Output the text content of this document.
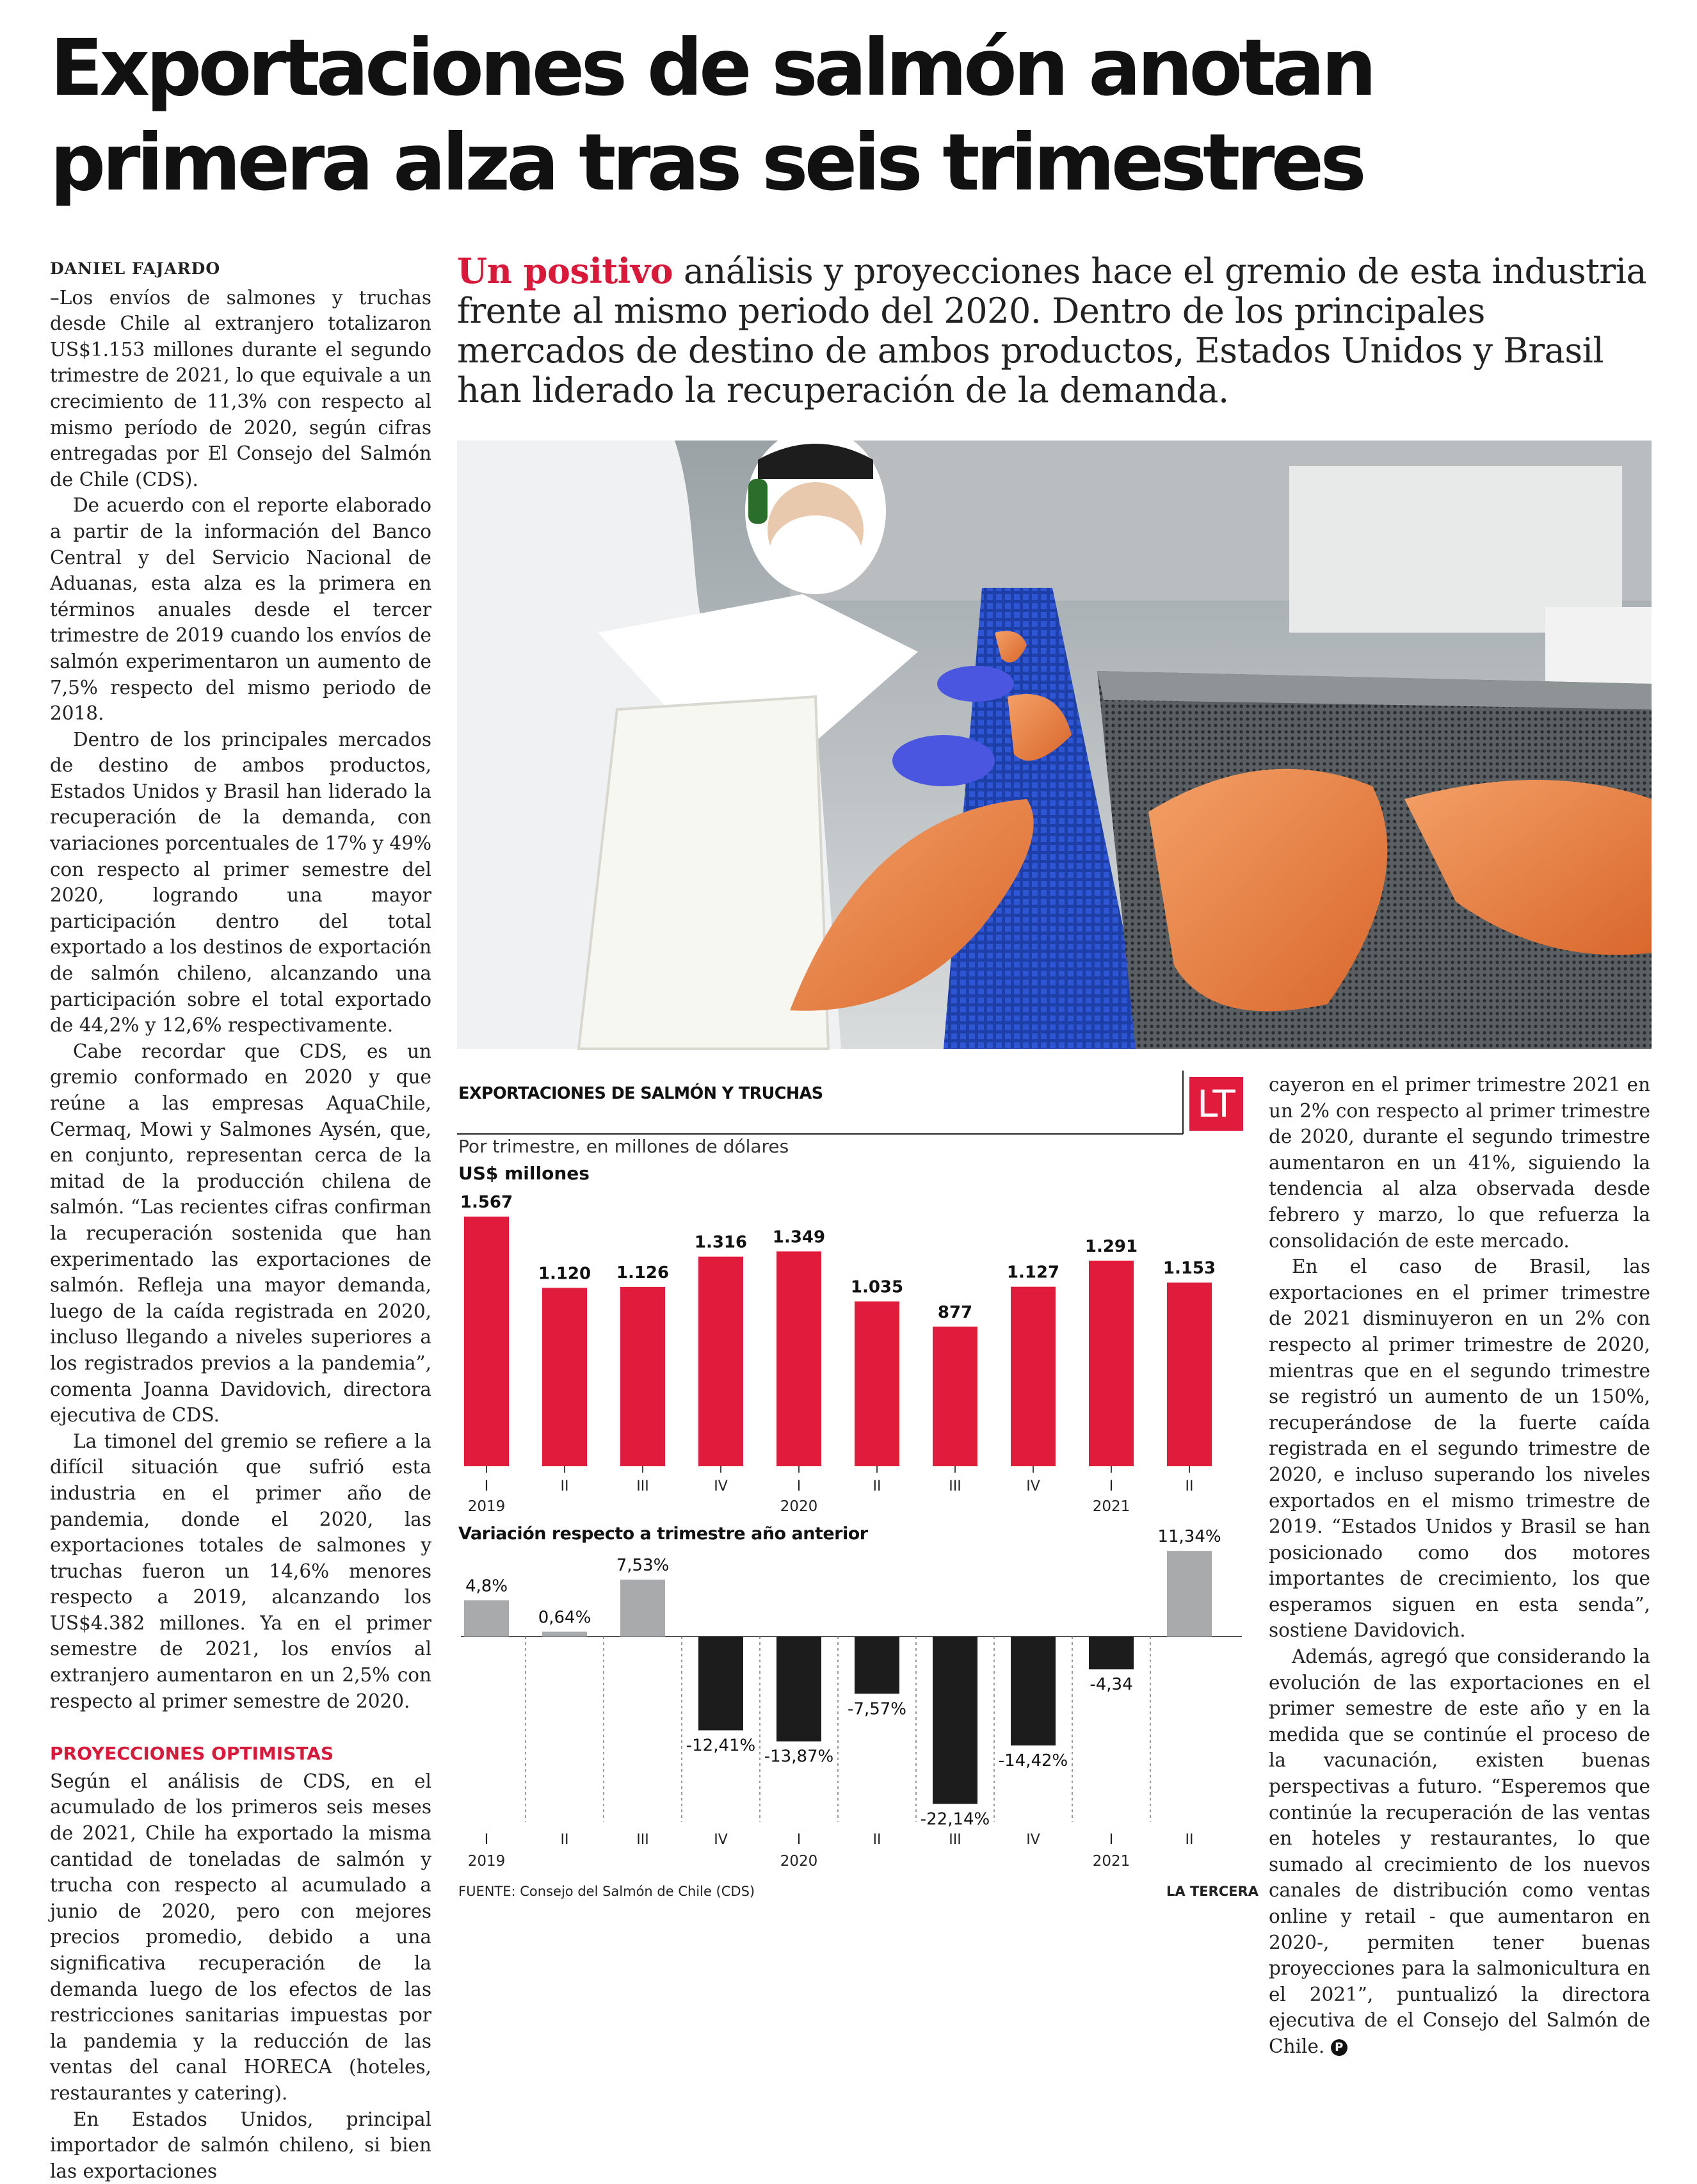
Exportaciones de salmón anotan
primera alza tras seis trimestres
DANIEL FAJARDO

–Los envíos de salmones y truchas desde Chile al extranjero totalizaron US$1.153 millones durante el segundo trimestre de 2021, lo que equivale a un crecimiento de 11,3% con respecto al mismo período de 2020, según cifras entregadas por El Consejo del Salmón de Chile (CDS).

De acuerdo con el reporte elaborado a partir de la información del Banco Central y del Servicio Nacional de Aduanas, esta alza es la primera en términos anuales desde el tercer trimestre de 2019 cuando los envíos de salmón experimentaron un aumento de 7,5% respecto del mismo periodo de 2018.

Dentro de los principales mercados de destino de ambos productos, Estados Unidos y Brasil han liderado la recuperación de la demanda, con variaciones porcentuales de 17% y 49% con respecto al primer semestre del 2020, logrando una mayor participación dentro del total exportado a los destinos de exportación de salmón chileno, alcanzando una participación sobre el total exportado de 44,2% y 12,6% respectivamente.

Cabe recordar que CDS, es un gremio conformado en 2020 y que reúne a las empresas AquaChile, Cermaq, Mowi y Salmones Aysén, que, en conjunto, representan cerca de la mitad de la producción chilena de salmón. “Las recientes cifras confirman la recuperación sostenida que han experimentado las exportaciones de salmón. Refleja una mayor demanda, luego de la caída registrada en 2020, incluso llegando a niveles superiores a los registrados previos a la pandemia”, comenta Joanna Davidovich, directora ejecutiva de CDS.

La timonel del gremio se refiere a la difícil situación que sufrió esta industria en el primer año de pandemia, donde el 2020, las exportaciones totales de salmones y truchas fueron un 14,6% menores respecto a 2019, alcanzando los US$4.382 millones. Ya en el primer semestre de 2021, los envíos al extranjero aumentaron en un 2,5% con respecto al primer semestre de 2020.

PROYECCIONES OPTIMISTAS

Según el análisis de CDS, en el acumulado de los primeros seis meses de 2021, Chile ha exportado la misma cantidad de toneladas de salmón y trucha con respecto al acumulado a junio de 2020, pero con mejores precios promedio, debido a una significativa recuperación de la demanda luego de los efectos de las restricciones sanitarias impuestas por la pandemia y la reducción de las ventas del canal HORECA (hoteles, restaurantes y catering).

En Estados Unidos, principal importador de salmón chileno, si bien las exportaciones

Un positivo análisis y proyecciones hace el gremio de esta industria frente al mismo periodo del 2020. Dentro de los principales mercados de destino de ambos productos, Estados Unidos y Brasil han liderado la recuperación de la demanda.
EXPORTACIONES DE SALMÓN Y TRUCHAS	LT
Por trimestre, en millones de dólares
US$ millones
1.567
I
2019
1.120
II
1.126
III
1.316
IV
1.349
I
2020
1.035
II
877
III
1.127
IV
1.291
I
2021
1.153
II
Variación respecto a trimestre año anterior
4,8%
I
2019
0,64%
II
7,53%
III
-12,41%
IV
-13,87%
I
2020
-7,57%
II
-22,14%
III
-14,42%
IV
-4,34
I
2021
11,34%
II
FUENTE: Consejo del Salmón de Chile (CDS)	LA TERCERA

cayeron en el primer trimestre 2021 en un 2% con respecto al primer trimestre de 2020, durante el segundo trimestre aumentaron en un 41%, siguiendo la tendencia al alza observada desde febrero y marzo, lo que refuerza la consolidación de este mercado.

En el caso de Brasil, las exportaciones en el primer trimestre de 2021 disminuyeron en un 2% con respecto al primer trimestre de 2020, mientras que en el segundo trimestre se registró un aumento de un 150%, recuperándose de la fuerte caída registrada en el segundo trimestre de 2020, e incluso superando los niveles exportados en el mismo trimestre de 2019. “Estados Unidos y Brasil se han posicionado como dos motores importantes de crecimiento, los que esperamos siguen en esta senda”, sostiene Davidovich.

Además, agregó que considerando la evolución de las exportaciones en el primer semestre de este año y en la medida que se continúe el proceso de la vacunación, existen buenas perspectivas a futuro. “Esperemos que continúe la recuperación de las ventas en hoteles y restaurantes, lo que sumado al crecimiento de los nuevos canales de distribución como ventas online y retail - que aumentaron en 2020-, permiten tener buenas proyecciones para la salmonicultura en el 2021”, puntualizó la directora ejecutiva de el Consejo del Salmón de Chile. P
